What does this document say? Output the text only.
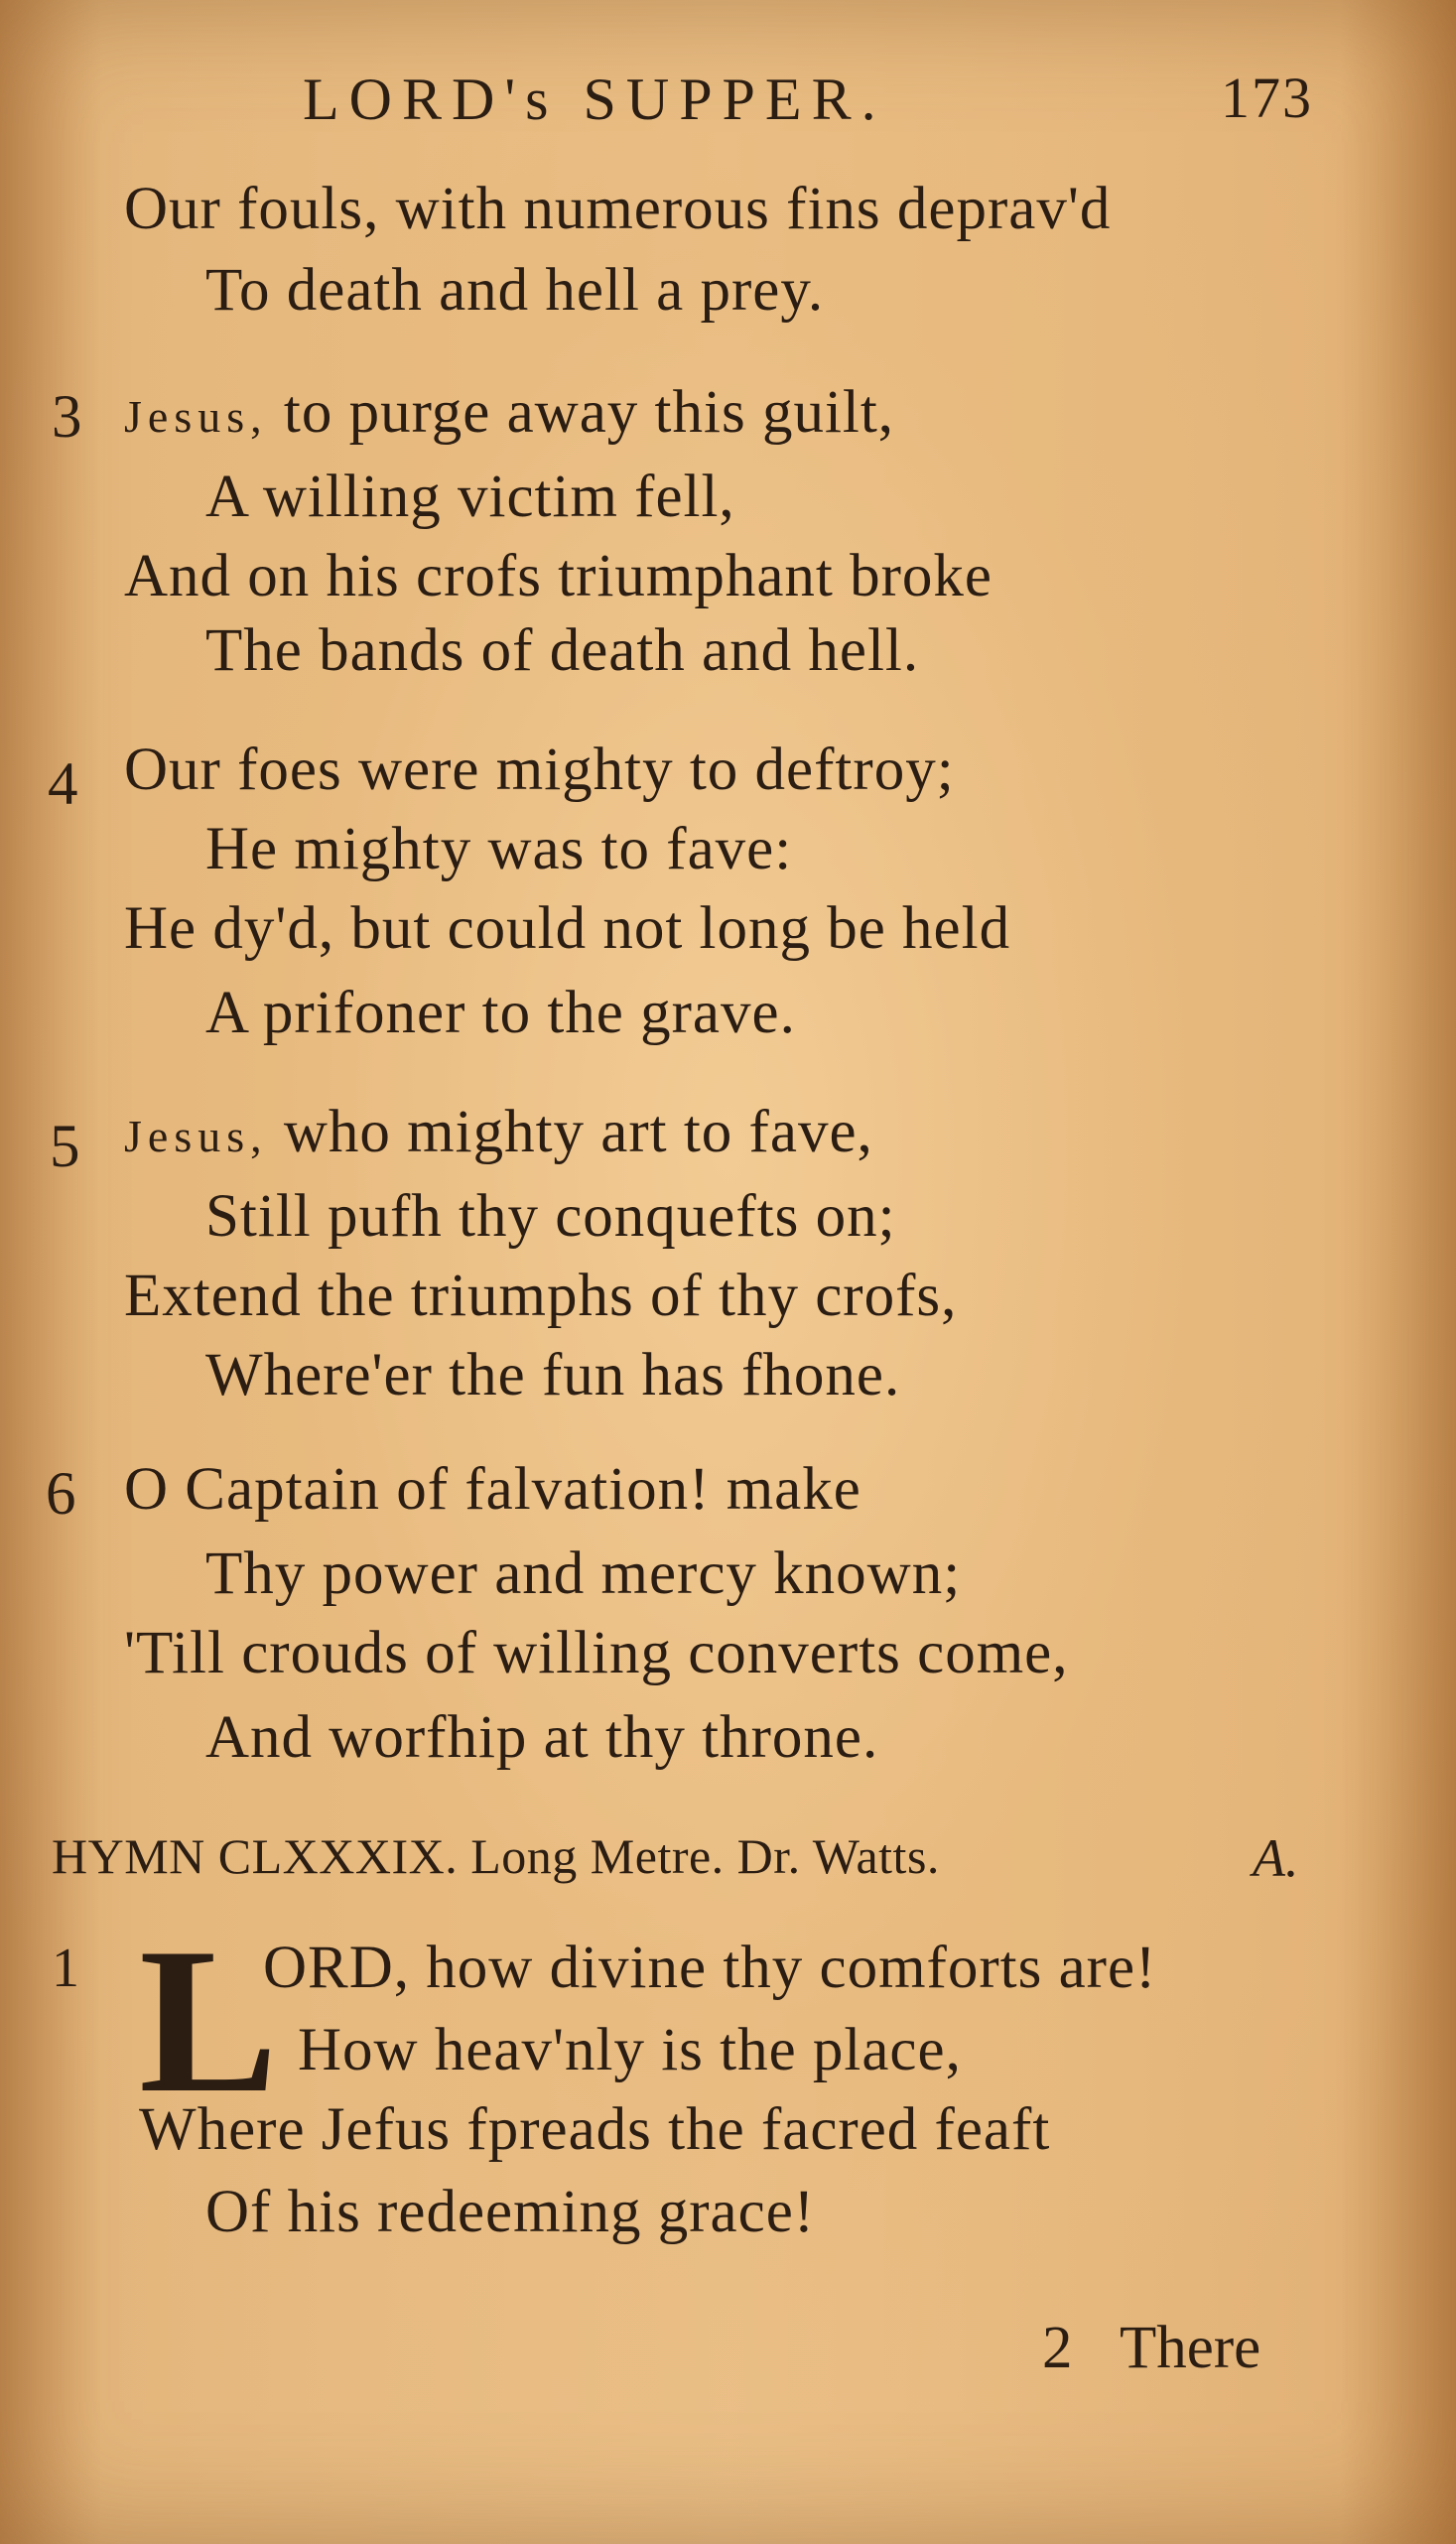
LORD's SUPPER.	173
Our fouls, with numerous fins deprav'd
To death and hell a prey.
3 Jesus, to purge away this guilt,
A willing victim fell,
And on his crofs triumphant broke
The bands of death and hell.
4 Our foes were mighty to deftroy;
He mighty was to fave:
He dy'd, but could not long be held
A prifoner to the grave.
5 Jesus, who mighty art to fave,
Still pufh thy conquefts on;
Extend the triumphs of thy crofs,
Where'er the fun has fhone.
6 O Captain of falvation! make
Thy power and mercy known;
'Till crouds of willing converts come,
And worfhip at thy throne.
HYMN CLXXXIX. Long Metre. Dr. Watts.	A.
1 L
ORD, how divine thy comforts are!
How heav'nly is the place,
Where Jefus fpreads the facred feaft
Of his redeeming grace!
2 There
